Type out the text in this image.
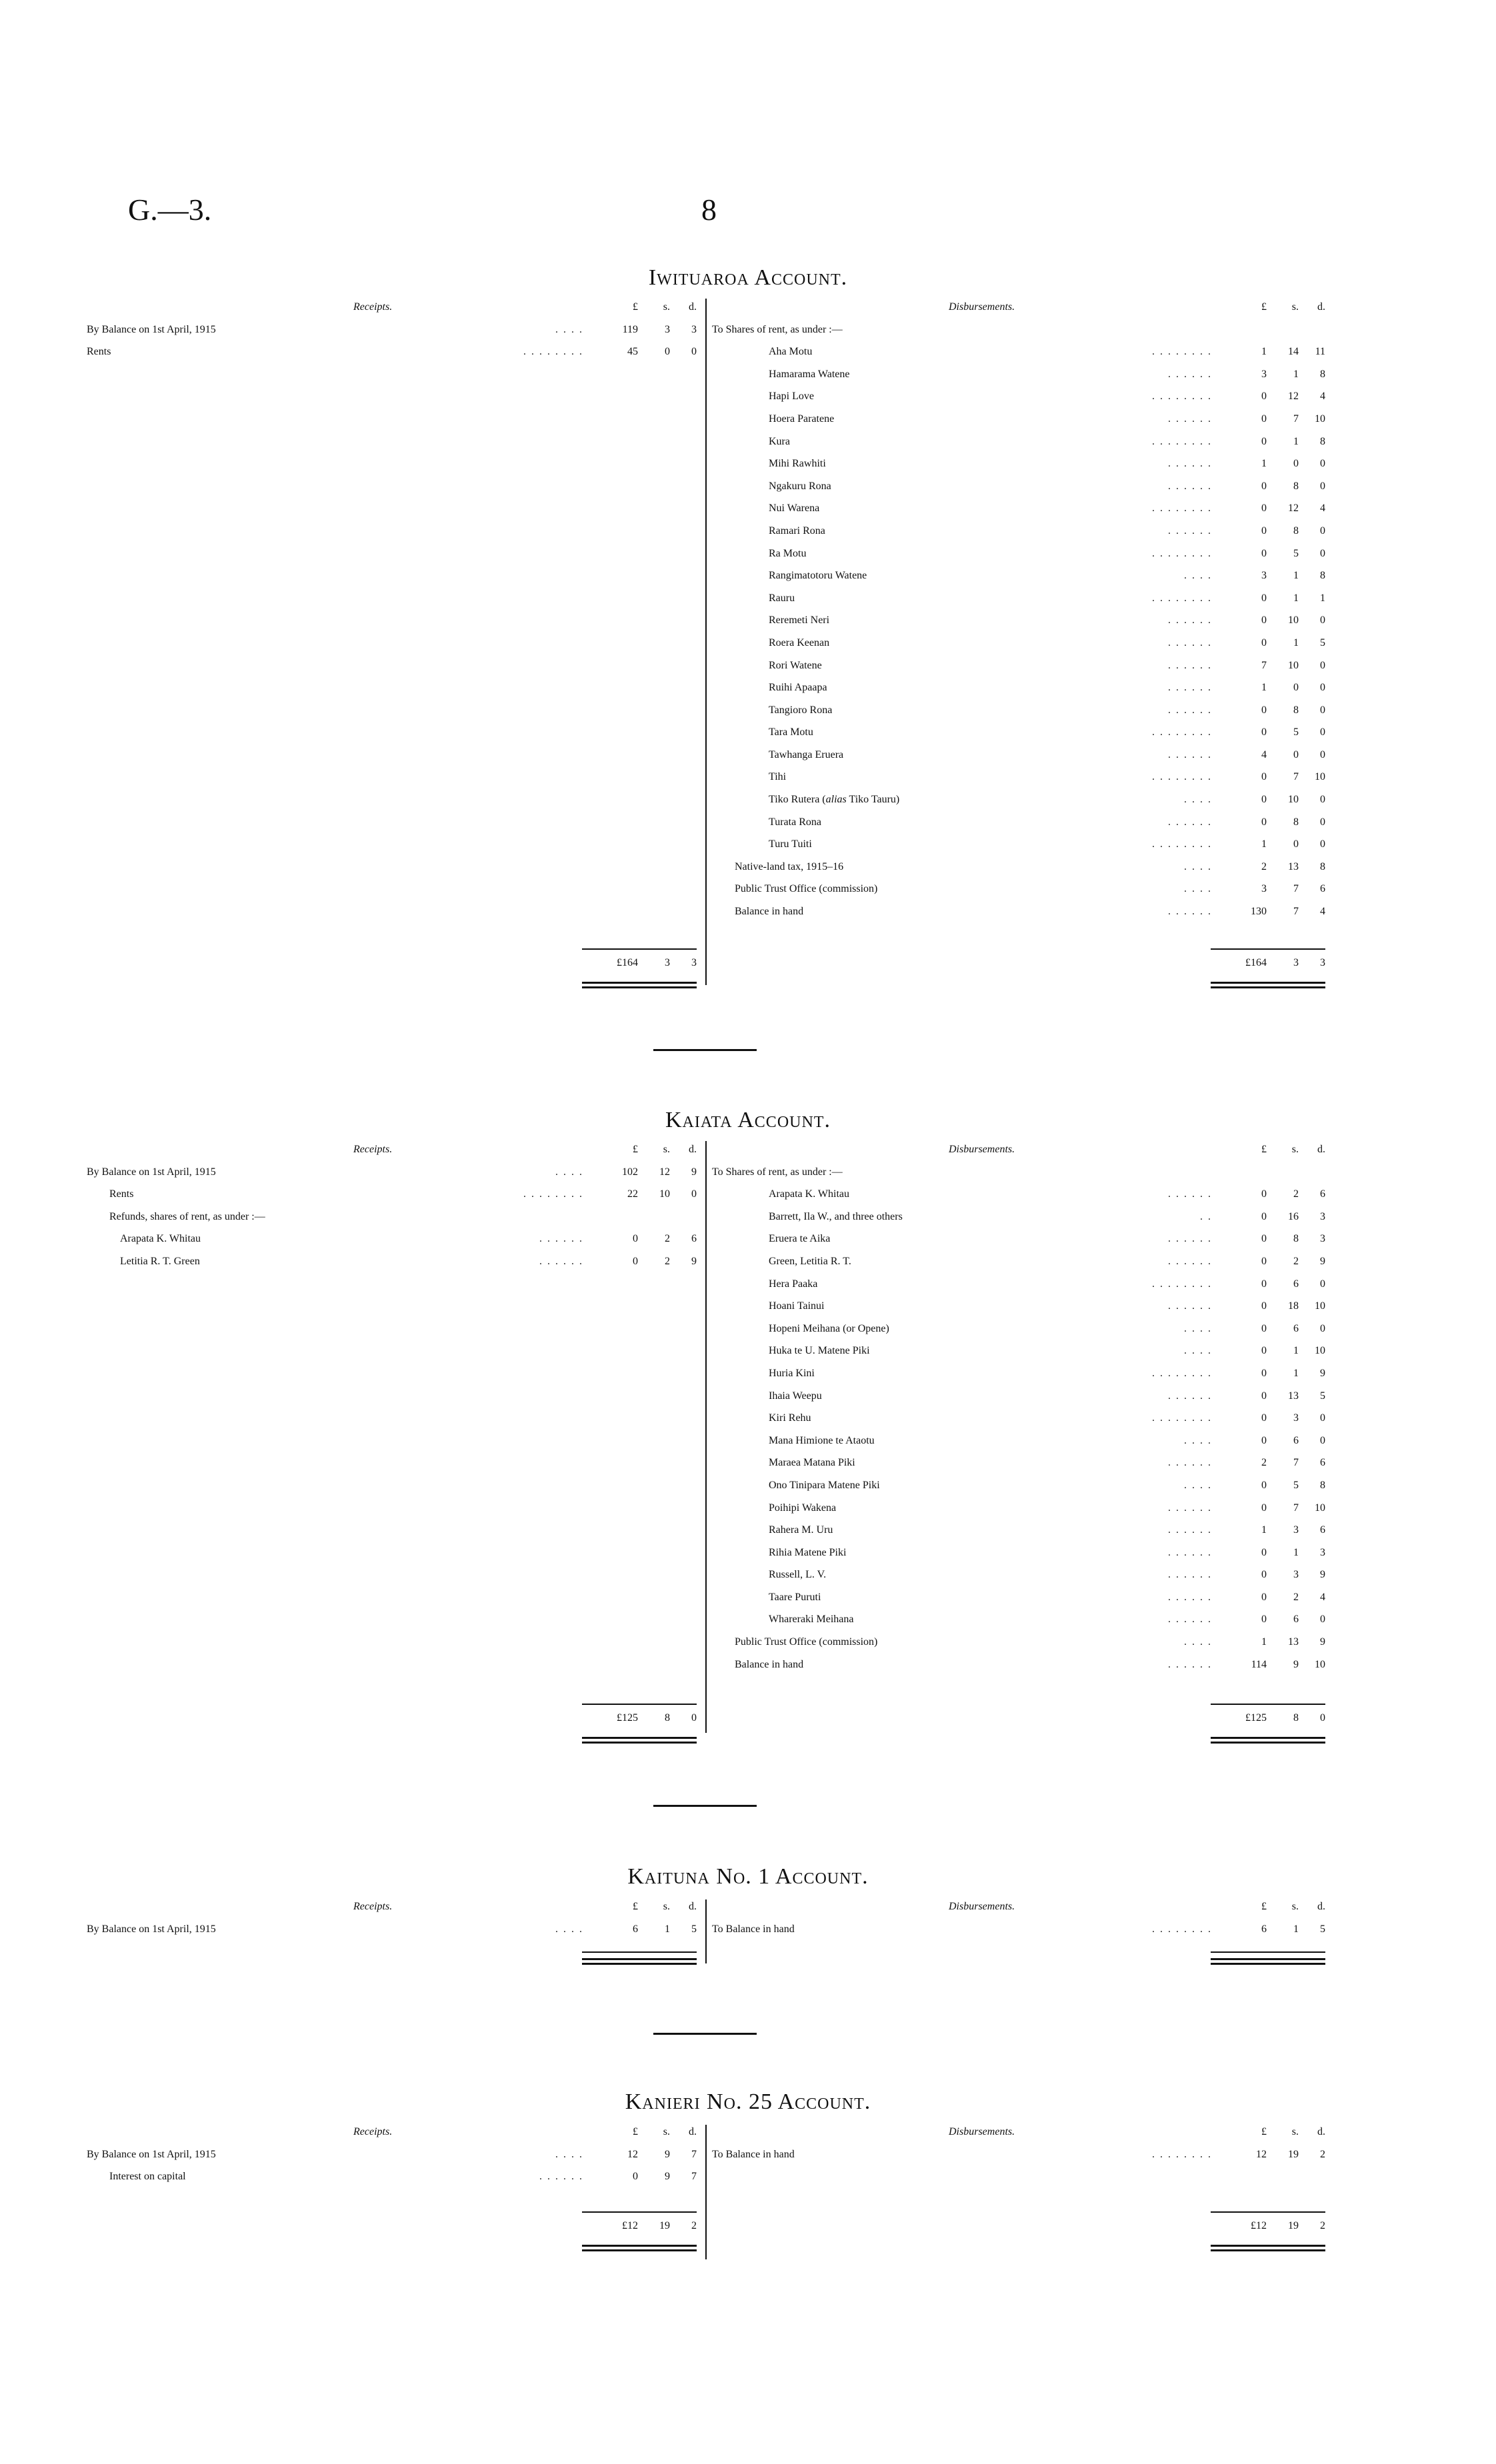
G.—3.	8
Iwituaroa Account.
Receipts.	£	s.	d.
By Balance on 1st April, 1915	. . . .	119	3	3
Rents	. . . . . . . .	45	0	0
Disbursements.	£	s.	d.
To Shares of rent, as under :—
Aha Motu	. . . . . . . .	1	14	11
Hamarama Watene	. . . . . .	3	1	8
Hapi Love	. . . . . . . .	0	12	4
Hoera Paratene	. . . . . .	0	7	10
Kura	. . . . . . . .	0	1	8
Mihi Rawhiti	. . . . . .	1	0	0
Ngakuru Rona	. . . . . .	0	8	0
Nui Warena	. . . . . . . .	0	12	4
Ramari Rona	. . . . . .	0	8	0
Ra Motu	. . . . . . . .	0	5	0
Rangimatotoru Watene	. . . .	3	1	8
Rauru	. . . . . . . .	0	1	1
Reremeti Neri	. . . . . .	0	10	0
Roera Keenan	. . . . . .	0	1	5
Rori Watene	. . . . . .	7	10	0
Ruihi Apaapa	. . . . . .	1	0	0
Tangioro Rona	. . . . . .	0	8	0
Tara Motu	. . . . . . . .	0	5	0
Tawhanga Eruera	. . . . . .	4	0	0
Tihi	. . . . . . . .	0	7	10
Tiko Rutera (alias Tiko Tauru)	. . . .	0	10	0
Turata Rona	. . . . . .	0	8	0
Turu Tuiti	. . . . . . . .	1	0	0
Native-land tax, 1915–16	. . . .	2	13	8
Public Trust Office (commission)	. . . .	3	7	6
Balance in hand	. . . . . .	130	7	4
£164	3	3	£164	3	3
Kaiata Account.
Receipts.	£	s.	d.
By Balance on 1st April, 1915	. . . .	102	12	9
Rents	. . . . . . . .	22	10	0
Refunds, shares of rent, as under :—
Arapata K. Whitau	. . . . . .	0	2	6
Letitia R. T. Green	. . . . . .	0	2	9
Disbursements.	£	s.	d.
To Shares of rent, as under :—
Arapata K. Whitau	. . . . . .	0	2	6
Barrett, Ila W., and three others	. .	0	16	3
Eruera te Aika	. . . . . .	0	8	3
Green, Letitia R. T.	. . . . . .	0	2	9
Hera Paaka	. . . . . . . .	0	6	0
Hoani Tainui	. . . . . .	0	18	10
Hopeni Meihana (or Opene)	. . . .	0	6	0
Huka te U. Matene Piki	. . . .	0	1	10
Huria Kini	. . . . . . . .	0	1	9
Ihaia Weepu	. . . . . .	0	13	5
Kiri Rehu	. . . . . . . .	0	3	0
Mana Himione te Ataotu	. . . .	0	6	0
Maraea Matana Piki	. . . . . .	2	7	6
Ono Tinipara Matene Piki	. . . .	0	5	8
Poihipi Wakena	. . . . . .	0	7	10
Rahera M. Uru	. . . . . .	1	3	6
Rihia Matene Piki	. . . . . .	0	1	3
Russell, L. V.	. . . . . .	0	3	9
Taare Puruti	. . . . . .	0	2	4
Whareraki Meihana	. . . . . .	0	6	0
Public Trust Office (commission)	. . . .	1	13	9
Balance in hand	. . . . . .	114	9	10
£125	8	0	£125	8	0
Kaituna No. 1 Account.
Receipts.	£	s.	d.
By Balance on 1st April, 1915	. . . .	6	1	5
Disbursements.	£	s.	d.
To Balance in hand	. . . . . . . .	6	1	5
Kanieri No. 25 Account.
Receipts.	£	s.	d.
By Balance on 1st April, 1915	. . . .	12	9	7
Interest on capital	. . . . . .	0	9	7
Disbursements.	£	s.	d.
To Balance in hand	. . . . . . . .	12	19	2
£12	19	2	£12	19	2
